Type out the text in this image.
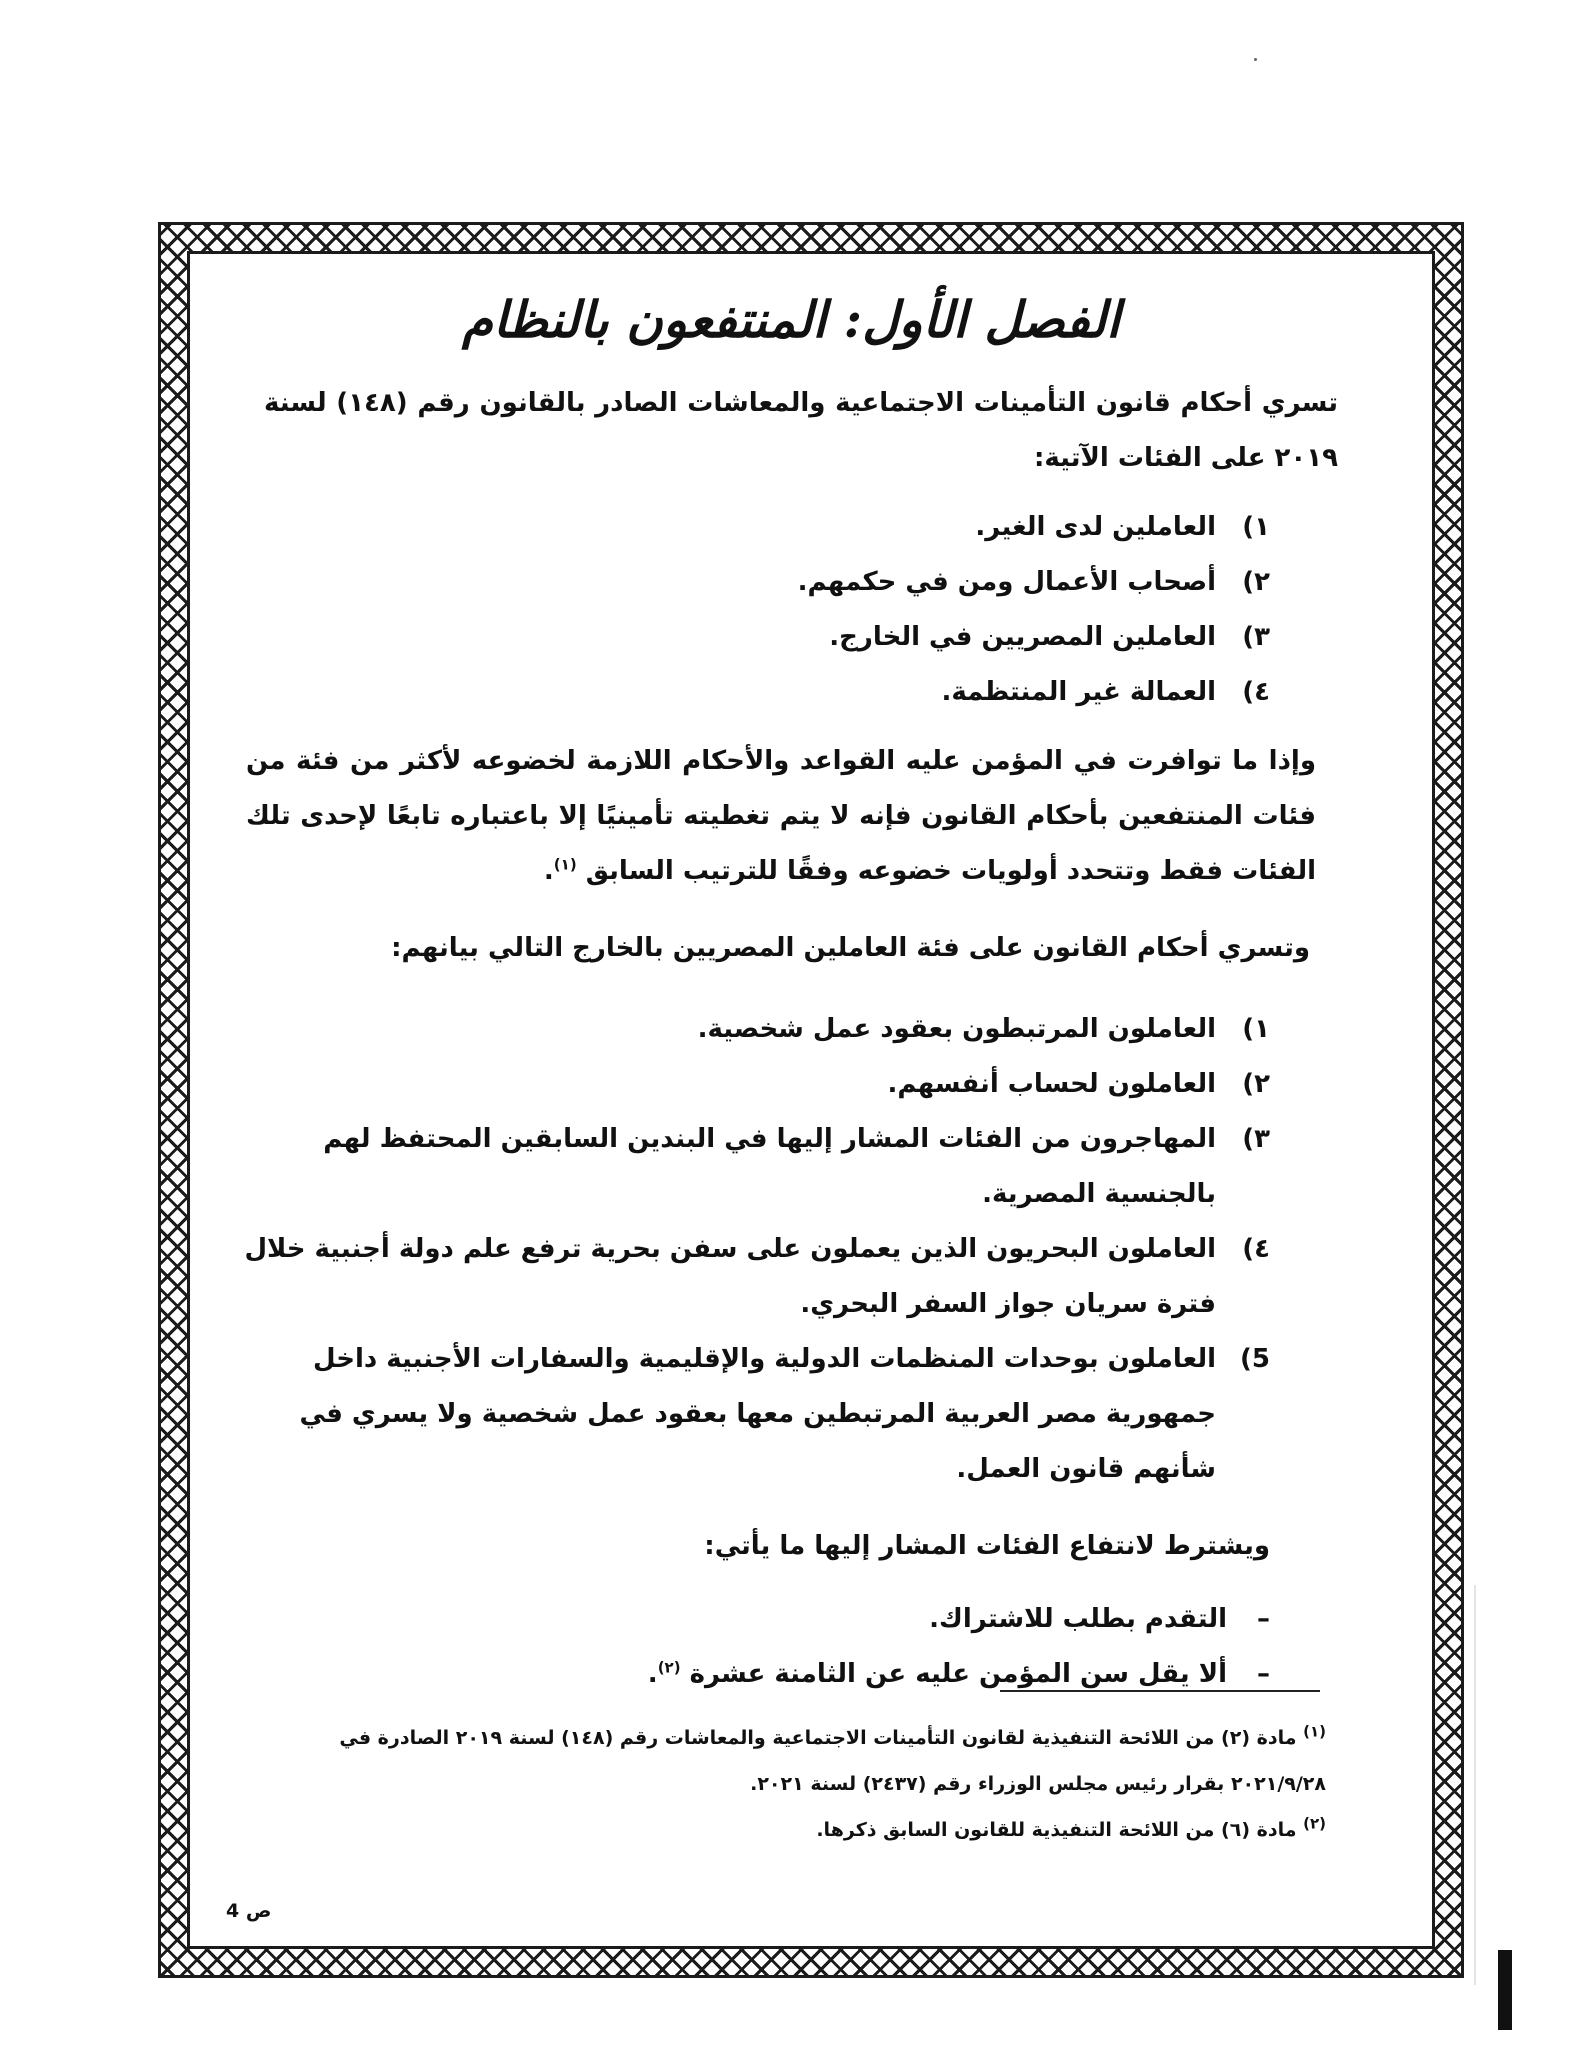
الفصل الأول: المنتفعون بالنظام

تسري أحكام قانون التأمينات الاجتماعية والمعاشات الصادر بالقانون رقم (١٤٨) لسنة ٢٠١٩ على الفئات الآتية:

١)
العاملين لدى الغير.
٢)
أصحاب الأعمال ومن في حكمهم.
٣)
العاملين المصريين في الخارج.
٤)
العمالة غير المنتظمة.

وإذا ما توافرت في المؤمن عليه القواعد والأحكام اللازمة لخضوعه لأكثر من فئة من فئات المنتفعين بأحكام القانون فإنه لا يتم تغطيته تأمينيًا إلا باعتباره تابعًا لإحدى تلك الفئات فقط وتتحدد أولويات خضوعه وفقًا للترتيب السابق $^{(١)}$.

وتسري أحكام القانون على فئة العاملين المصريين بالخارج التالي بيانهم:

١)
العاملون المرتبطون بعقود عمل شخصية.
٢)
العاملون لحساب أنفسهم.
٣)
المهاجرون من الفئات المشار إليها في البندين السابقين المحتفظ لهم بالجنسية المصرية.
٤)
العاملون البحريون الذين يعملون على سفن بحرية ترفع علم دولة أجنبية خلال فترة سريان جواز السفر البحري.
5)
العاملون بوحدات المنظمات الدولية والإقليمية والسفارات الأجنبية داخل جمهورية مصر العربية المرتبطين معها بعقود عمل شخصية ولا يسري في شأنهم قانون العمل.

ويشترط لانتفاع الفئات المشار إليها ما يأتي:

–
التقدم بطلب للاشتراك.
–
ألا يقل سن المؤمن عليه عن الثامنة عشرة $^{(٢)}$.

$^{(١)}$ مادة (٢) من اللائحة التنفيذية لقانون التأمينات الاجتماعية والمعاشات رقم (١٤٨) لسنة ٢٠١٩ الصادرة في ٢٠٢١/٩/٢٨ بقرار رئيس مجلس الوزراء رقم (٢٤٣٧) لسنة ٢٠٢١.

$^{(٢)}$ مادة (٦) من اللائحة التنفيذية للقانون السابق ذكرها.

ص 4
